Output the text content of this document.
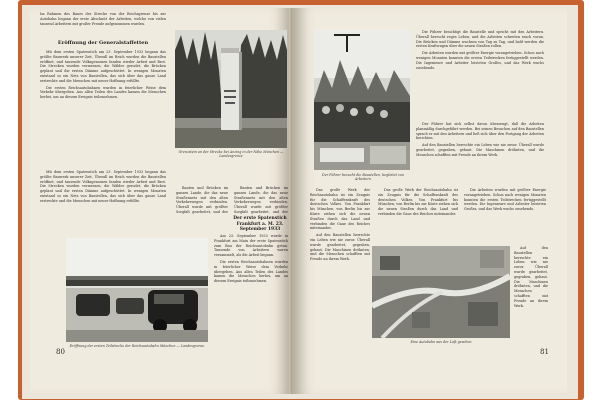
Im Rahmen des Baues der Strecke von der Reichsgrenze bis zur Autobahn begann der erste Abschnitt der Arbeiten, welche von vielen tausend Arbeitern mit großer Freude aufgenommen wurden.
Eröffnung der Generalstaffetten

Mit dem ersten Spatenstich am 23. September 1933 begann das größte Bauwerk unserer Zeit. Überall im Reich wurden die Baustellen eröffnet, und tausende Volksgenossen fanden wieder Arbeit und Brot. Die Strecken wurden vermessen, die Wälder gerodet, die Brücken geplant und die ersten Dämme aufgeschüttet. In wenigen Monaten entstand so ein Netz von Baustellen, das sich über das ganze Land erstreckte und die Menschen mit neuer Hoffnung erfüllte.

Die ersten Reichsautobahnen wurden in feierlicher Weise dem Verkehr übergeben. Aus allen Teilen des Landes kamen die Menschen herbei, um an diesem Ereignis teilzunehmen.

Mit dem ersten Spatenstich am 23. September 1933 begann das größte Bauwerk unserer Zeit. Überall im Reich wurden die Baustellen eröffnet, und tausende Volksgenossen fanden wieder Arbeit und Brot. Die Strecken wurden vermessen, die Wälder gerodet, die Brücken geplant und die ersten Dämme aufgeschüttet. In wenigen Monaten entstand so ein Netz von Baustellen, das sich über das ganze Land erstreckte und die Menschen mit neuer Hoffnung erfüllte.

Grenzstein an der Strecke bei Anzing in der Nähe München — Landesgrenze

Bauten und Brücken im ganzen Lande, die das neue Straßennetz mit den alten Verkehrswegen verbinden. Überall wurde mit größter Sorgfalt gearbeitet, und der

Bauten und Brücken im ganzen Lande, die das neue Straßennetz mit den alten Verkehrswegen verbinden. Überall wurde mit größter Sorgfalt gearbeitet, und der

Der erste Spatenstich Frankfurt a. M. 23. September 1933
Eröffnung der ersten Teilstrecke der Reichsautobahn München — Landesgrenze

Am 23. September 1933 wurde in Frankfurt am Main der erste Spatenstich zum Bau der Reichsautobahn getan. Tausende von Arbeitern waren versammelt, als die Arbeit begann.

Die ersten Reichsautobahnen wurden in feierlicher Weise dem Verkehr übergeben. Aus allen Teilen des Landes kamen die Menschen herbei, um an diesem Ereignis teilzunehmen.

80
Der Führer besucht die Baustellen, begleitet von Arbeitern

Die Führer besichtigt die Baustelle und spricht mit den Arbeitern. Überall herrscht reges Leben, und die Arbeiten schreiten rasch voran. Die Brücken und Dämme wachsen von Tag zu Tag, und bald werden die ersten Kraftwagen über die neuen Straßen rollen.

Die Arbeiten wurden mit größter Energie vorangetrieben. Schon nach wenigen Monaten konnten die ersten Teilstrecken fertiggestellt werden. Die Ingenieure und Arbeiter leisteten Großes, und das Werk wuchs zusehends.

Der Führer hat sich selbst davon überzeugt, daß die Arbeiten planmäßig durchgeführt werden. Bei seinen Besuchen auf den Baustellen sprach er mit den Arbeitern und ließ sich über den Fortgang der Arbeiten berichten.

Auf den Baustellen herrschte ein Leben wie nie zuvor. Überall wurde gearbeitet, gegraben, gebaut. Die Maschinen dröhnten, und die Menschen schafften mit Freude an ihrem Werk.

Das große Werk der Reichsautobahn ist ein Zeugnis für die Schaffenskraft des deutschen Volkes. Von Frankfurt bis München, von Berlin bis zur Küste ziehen sich die neuen Straßen durch das Land und verbinden die Gaue des Reiches miteinander.

Auf den Baustellen herrschte ein Leben wie nie zuvor. Überall wurde gearbeitet, gegraben, gebaut. Die Maschinen dröhnten, und die Menschen schafften mit Freude an ihrem Werk.

Das große Werk der Reichsautobahn ist ein Zeugnis für die Schaffenskraft des deutschen Volkes. Von Frankfurt bis München, von Berlin bis zur Küste ziehen sich die neuen Straßen durch das Land und verbinden die Gaue des Reiches miteinander.

Die Arbeiten wurden mit größter Energie vorangetrieben. Schon nach wenigen Monaten konnten die ersten Teilstrecken fertiggestellt werden. Die Ingenieure und Arbeiter leisteten Großes, und das Werk wuchs zusehends.

Eine Autobahn aus der Luft gesehen

Auf den Baustellen herrschte ein Leben wie nie zuvor. Überall wurde gearbeitet, gegraben, gebaut. Die Maschinen dröhnten, und die Menschen schafften mit Freude an ihrem Werk.

81
